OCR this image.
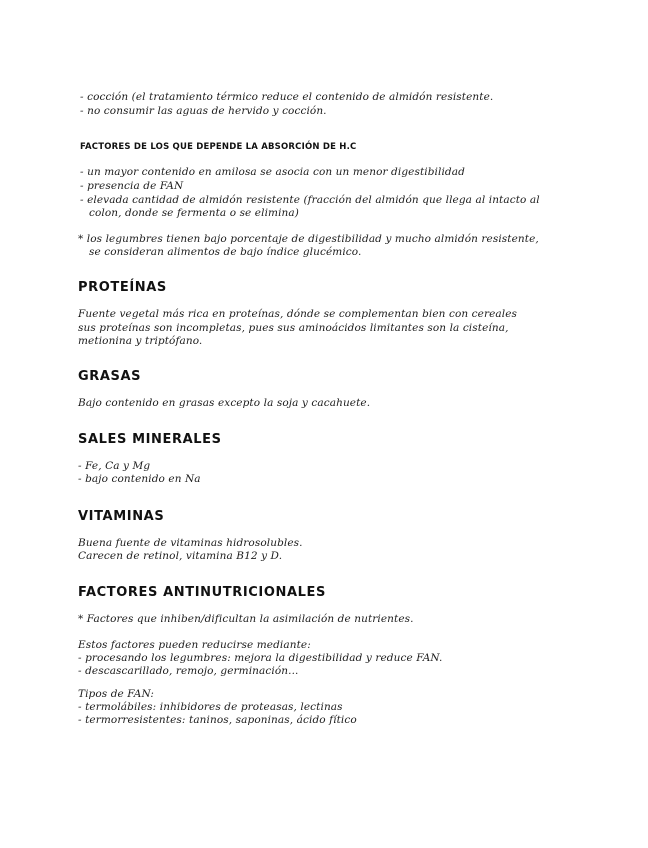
- cocción (el tratamiento térmico reduce el contenido de almidón resistente.
- no consumir las aguas de hervido y cocción.
FACTORES DE LOS QUE DEPENDE LA ABSORCIÓN DE H.C
- un mayor contenido en amilosa se asocia con un menor digestibilidad
- presencia de FAN
- elevada cantidad de almidón resistente (fracción del almidón que llega al intacto al
colon, donde se fermenta o se elimina)
* los legumbres tienen bajo porcentaje de digestibilidad y mucho almidón resistente,
se consideran alimentos de bajo índice glucémico.
PROTEÍNAS
Fuente vegetal más rica en proteínas, dónde se complementan bien con cereales
sus proteínas son incompletas, pues sus aminoácidos limitantes son la cisteína,
metionina y triptófano.
GRASAS
Bajo contenido en grasas excepto la soja y cacahuete.
SALES MINERALES
- Fe, Ca y Mg
- bajo contenido en Na
VITAMINAS
Buena fuente de vitaminas hidrosolubles.
Carecen de retinol, vitamina B12 y D.
FACTORES ANTINUTRICIONALES
* Factores que inhiben/dificultan la asimilación de nutrientes.
Estos factores pueden reducirse mediante:
- procesando los legumbres: mejora la digestibilidad y reduce FAN.
- descascarillado, remojo, germinación...
Tipos de FAN:
- termolábiles: inhibidores de proteasas, lectinas
- termorresistentes: taninos, saponinas, ácido fítico
